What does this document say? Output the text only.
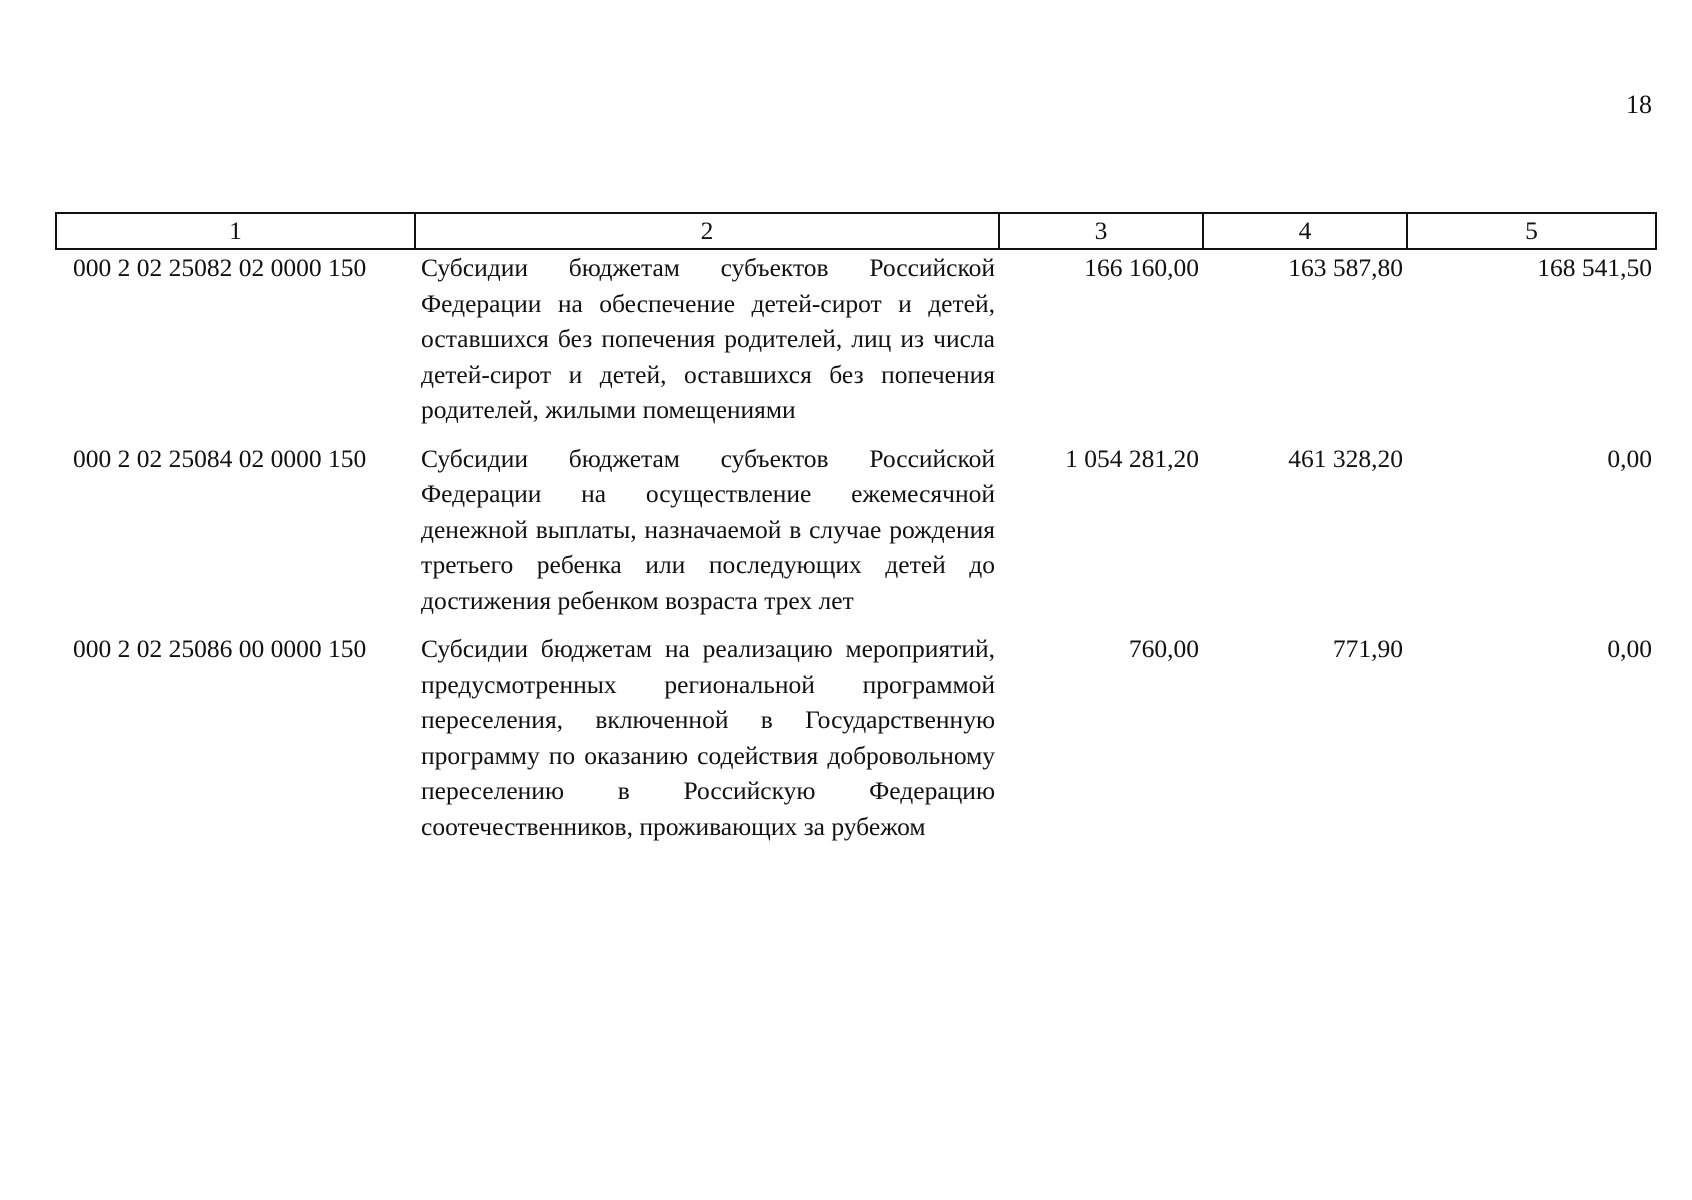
18
1	2	3	4	5
000 2 02 25082 02 0000 150	Субсидии бюджетам субъектов Российской Федерации на обеспечение детей-сирот и детей, оставшихся без попечения родителей, лиц из числа детей-сирот и детей, оставшихся без попечения родителей, жилыми помещениями	166 160,00	163 587,80	168 541,50
000 2 02 25084 02 0000 150	Субсидии бюджетам субъектов Российской Федерации на осуществление ежемесячной денежной выплаты, назначаемой в случае рождения третьего ребенка или последующих детей до достижения ребенком возраста трех лет	1 054 281,20	461 328,20	0,00
000 2 02 25086 00 0000 150	Субсидии бюджетам на реализацию мероприятий, предусмотренных региональной программой переселения, включенной в Государственную программу по оказанию содействия добровольному переселению в Российскую Федерацию соотечественников, проживающих за рубежом	760,00	771,90	0,00
